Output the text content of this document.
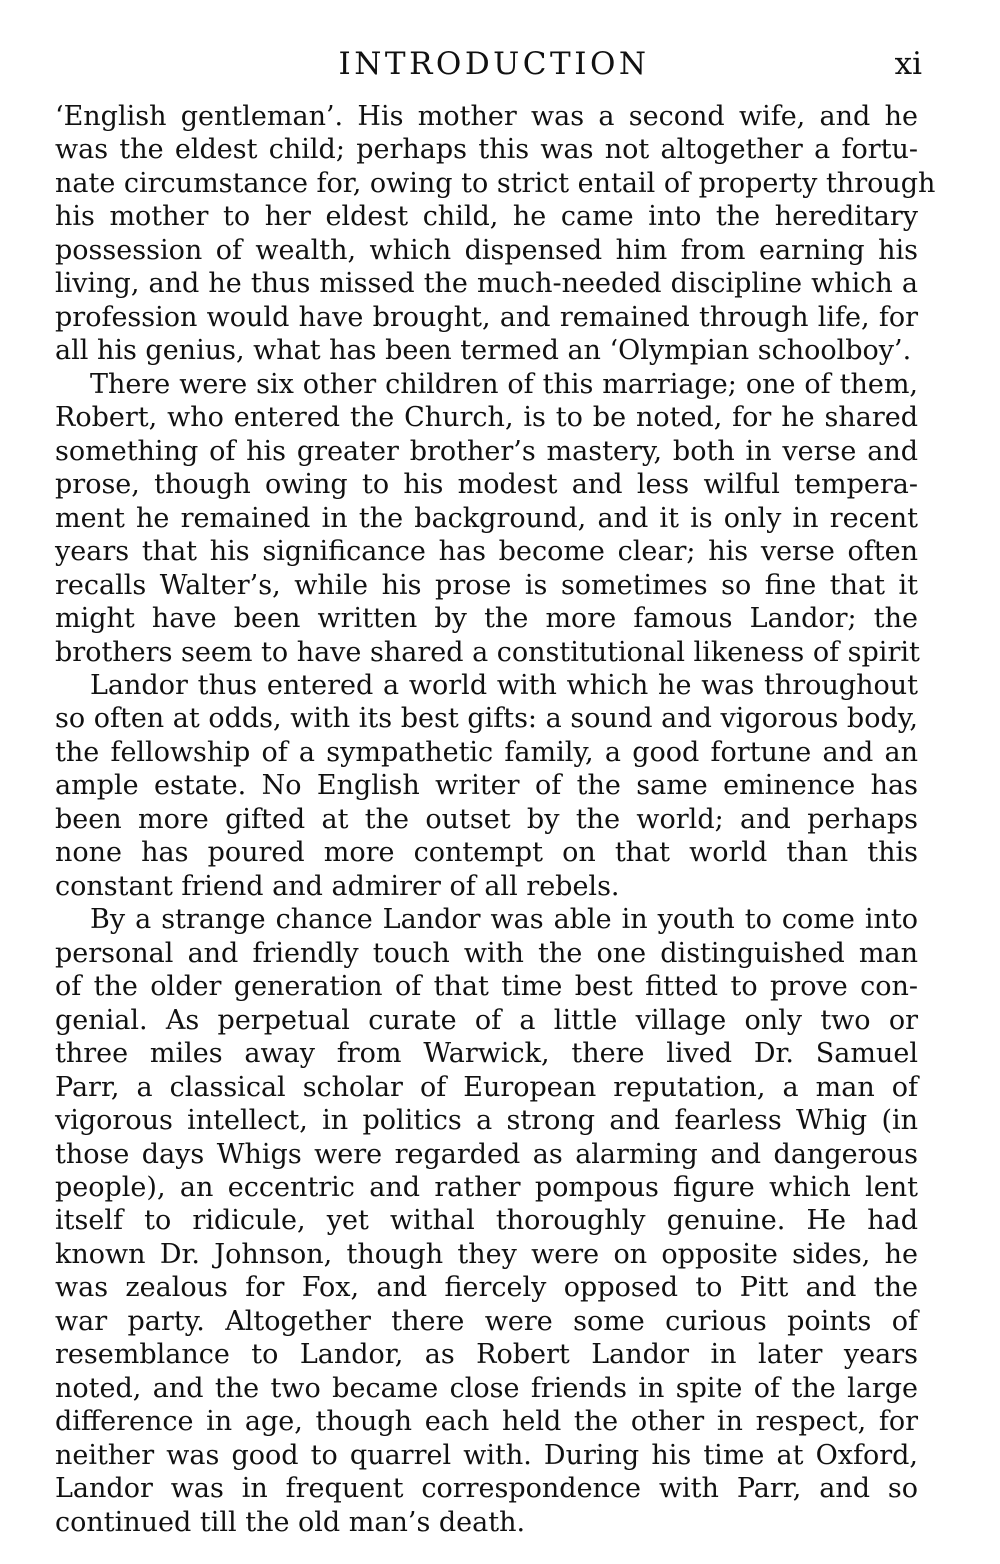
INTRODUCTION	xi
‘English gentleman’. His mother was a second wife, and he
was the eldest child; perhaps this was not altogether a fortu-
nate circumstance for, owing to strict entail of property through
his mother to her eldest child, he came into the hereditary
possession of wealth, which dispensed him from earning his
living, and he thus missed the much-needed discipline which a
profession would have brought, and remained through life, for
all his genius, what has been termed an ‘Olympian schoolboy’.
There were six other children of this marriage; one of them,
Robert, who entered the Church, is to be noted, for he shared
something of his greater brother’s mastery, both in verse and
prose, though owing to his modest and less wilful tempera-
ment he remained in the background, and it is only in recent
years that his significance has become clear; his verse often
recalls Walter’s, while his prose is sometimes so fine that it
might have been written by the more famous Landor; the
brothers seem to have shared a constitutional likeness of spirit
Landor thus entered a world with which he was throughout
so often at odds, with its best gifts: a sound and vigorous body,
the fellowship of a sympathetic family, a good fortune and an
ample estate. No English writer of the same eminence has
been more gifted at the outset by the world; and perhaps
none has poured more contempt on that world than this
constant friend and admirer of all rebels.
By a strange chance Landor was able in youth to come into
personal and friendly touch with the one distinguished man
of the older generation of that time best fitted to prove con-
genial. As perpetual curate of a little village only two or
three miles away from Warwick, there lived Dr. Samuel
Parr, a classical scholar of European reputation, a man of
vigorous intellect, in politics a strong and fearless Whig (in
those days Whigs were regarded as alarming and dangerous
people), an eccentric and rather pompous figure which lent
itself to ridicule, yet withal thoroughly genuine. He had
known Dr. Johnson, though they were on opposite sides, he
was zealous for Fox, and fiercely opposed to Pitt and the
war party. Altogether there were some curious points of
resemblance to Landor, as Robert Landor in later years
noted, and the two became close friends in spite of the large
difference in age, though each held the other in respect, for
neither was good to quarrel with. During his time at Oxford,
Landor was in frequent correspondence with Parr, and so
continued till the old man’s death.
